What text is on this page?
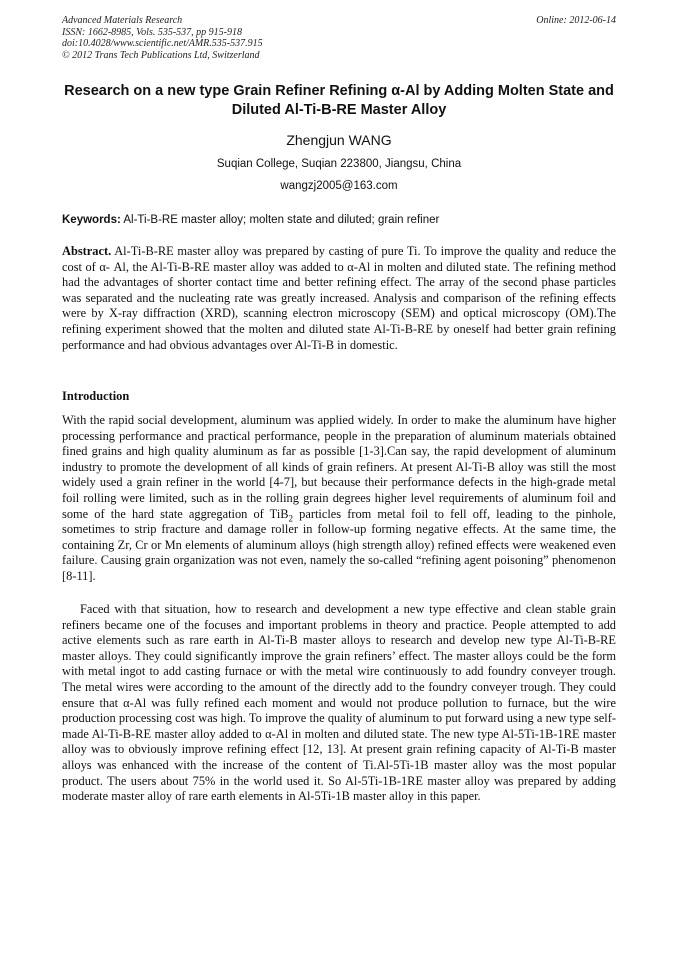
Advanced Materials Research
ISSN: 1662-8985, Vols. 535-537, pp 915-918
doi:10.4028/www.scientific.net/AMR.535-537.915
© 2012 Trans Tech Publications Ltd, Switzerland
Online: 2012-06-14
Research on a new type Grain Refiner Refining α-Al by Adding Molten State and Diluted Al-Ti-B-RE Master Alloy
Zhengjun WANG
Suqian College, Suqian 223800, Jiangsu, China
wangzj2005@163.com
Keywords: Al-Ti-B-RE master alloy; molten state and diluted; grain refiner

Abstract. Al-Ti-B-RE master alloy was prepared by casting of pure Ti. To improve the quality and reduce the cost of α- Al, the Al-Ti-B-RE master alloy was added to α-Al in molten and diluted state. The refining method had the advantages of shorter contact time and better refining effect. The array of the second phase particles was separated and the nucleating rate was greatly increased. Analysis and comparison of the refining effects were by X-ray diffraction (XRD), scanning electron microscopy (SEM) and optical microscopy (OM).The refining experiment showed that the molten and diluted state Al-Ti-B-RE by oneself had better grain refining performance and had obvious advantages over Al-Ti-B in domestic.

Introduction

With the rapid social development, aluminum was applied widely. In order to make the aluminum have higher processing performance and practical performance, people in the preparation of aluminum materials obtained fined grains and high quality aluminum as far as possible [1-3].Can say, the rapid development of aluminum industry to promote the development of all kinds of grain refiners. At present Al-Ti-B alloy was still the most widely used a grain refiner in the world [4-7], but because their performance defects in the high-grade metal foil rolling were limited, such as in the rolling grain degrees higher level requirements of aluminum foil and some of the hard state aggregation of TiB$_2$ particles from metal foil to fell off, leading to the pinhole, sometimes to strip fracture and damage roller in follow-up forming negative effects. At the same time, the containing Zr, Cr or Mn elements of aluminum alloys (high strength alloy) refined effects were weakened even failure. Causing grain organization was not even, namely the so-called “refining agent poisoning” phenomenon [8-11].

Faced with that situation, how to research and development a new type effective and clean stable grain refiners became one of the focuses and important problems in theory and practice. People attempted to add active elements such as rare earth in Al-Ti-B master alloys to research and develop new type Al-Ti-B-RE master alloys. They could significantly improve the grain refiners’ effect. The master alloys could be the form with metal ingot to add casting furnace or with the metal wire continuously to add foundry conveyer trough. The metal wires were according to the amount of the directly add to the foundry conveyer trough. They could ensure that α-Al was fully refined each moment and would not produce pollution to furnace, but the wire production processing cost was high. To improve the quality of aluminum to put forward using a new type self-made Al-Ti-B-RE master alloy added to α-Al in molten and diluted state. The new type Al-5Ti-1B-1RE master alloy was to obviously improve refining effect [12, 13]. At present grain refining capacity of Al-Ti-B master alloys was enhanced with the increase of the content of Ti.Al-5Ti-1B master alloy was the most popular product. The users about 75% in the world used it. So Al-5Ti-1B-1RE master alloy was prepared by adding moderate master alloy of rare earth elements in Al-5Ti-1B master alloy in this paper.
